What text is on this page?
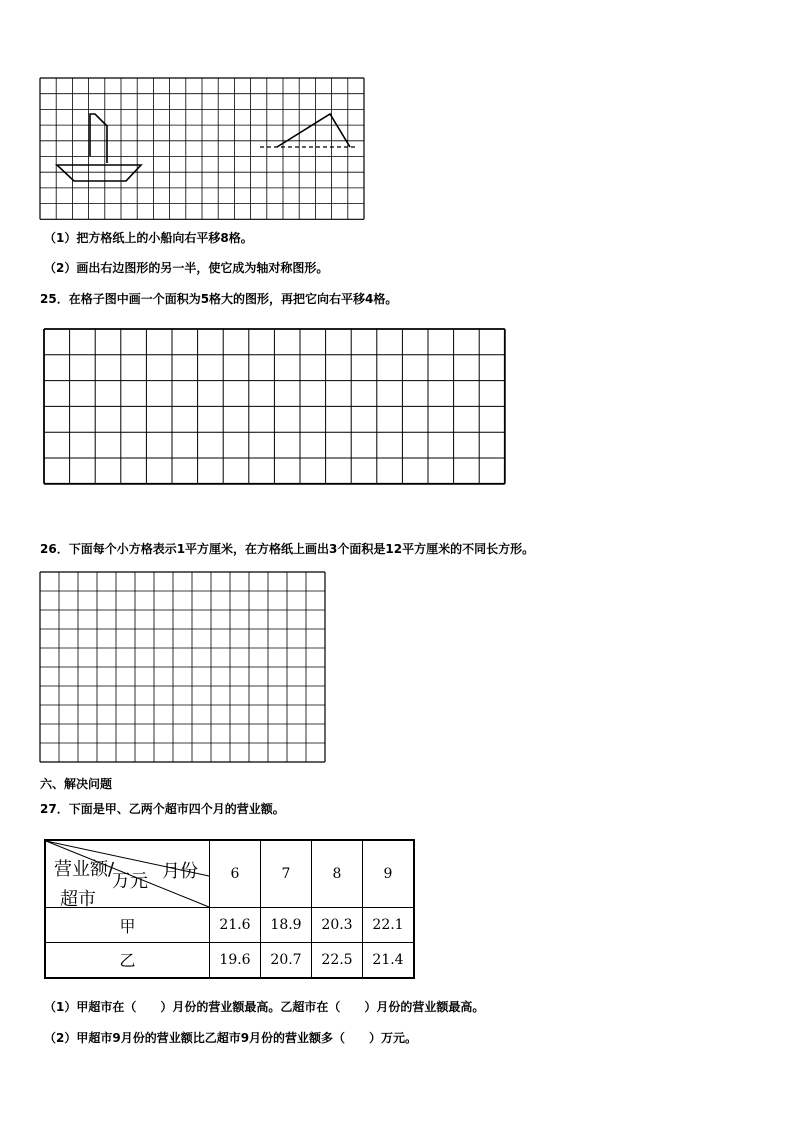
（1）把方格纸上的小船向右平移8格。
（2）画出右边图形的另一半，使它成为轴对称图形。
25．在格子图中画一个面积为5格大的图形，再把它向右平移4格。
26．下面每个小方格表示1平方厘米，在方格纸上画出3个面积是12平方厘米的不同长方形。
六、解决问题
27．下面是甲、乙两个超市四个月的营业额。
营业额/
万元 月份
超市	6	7	8	9
甲	21.6	18.9	20.3	22.1
乙	19.6	20.7	22.5	21.4
（1）甲超市在（　　）月份的营业额最高。乙超市在（　　）月份的营业额最高。
（2）甲超市9月份的营业额比乙超市9月份的营业额多（　　）万元。
